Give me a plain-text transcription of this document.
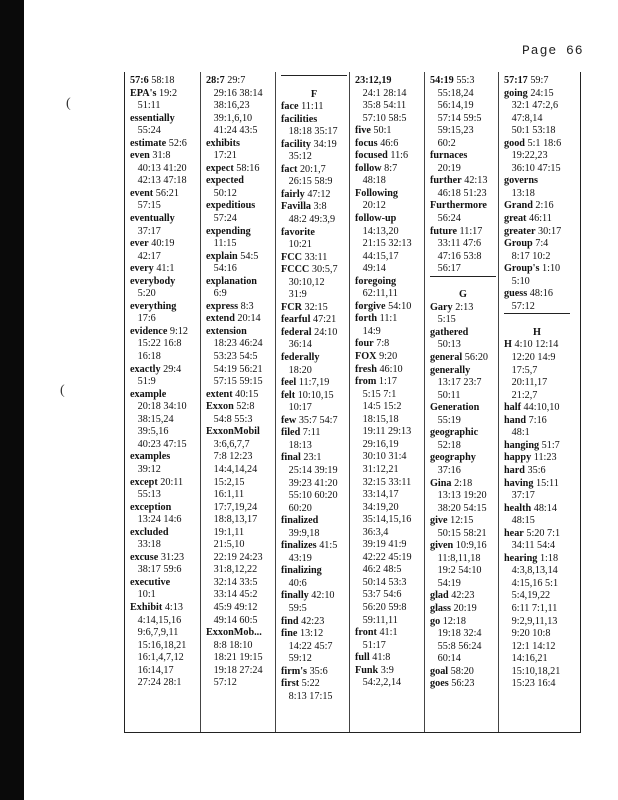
Page 66
(
(
57:6 58:18
EPA's 19:2
51:11
essentially
55:24
estimate 52:6
even 31:8
40:13 41:20
42:13 47:18
event 56:21
57:15
eventually
37:17
ever 40:19
42:17
every 41:1
everybody
5:20
everything
17:6
evidence 9:12
15:22 16:8
16:18
exactly 29:4
51:9
example
20:18 34:10
38:15,24
39:5,16
40:23 47:15
examples
39:12
except 20:11
55:13
exception
13:24 14:6
excluded
33:18
excuse 31:23
38:17 59:6
executive
10:1
Exhibit 4:13
4:14,15,16
9:6,7,9,11
15:16,18,21
16:1,4,7,12
16:14,17
27:24 28:1
28:7 29:7
29:16 38:14
38:16,23
39:1,6,10
41:24 43:5
exhibits
17:21
expect 58:16
expected
50:12
expeditious
57:24
expending
11:15
explain 54:5
54:16
explanation
6:9
express 8:3
extend 20:14
extension
18:23 46:24
53:23 54:5
54:19 56:21
57:15 59:15
extent 40:15
Exxon 52:8
54:8 55:3
ExxonMobil
3:6,6,7,7
7:8 12:23
14:4,14,24
15:2,15
16:1,11
17:7,19,24
18:8,13,17
19:1,11
21:5,10
22:19 24:23
31:8,12,22
32:14 33:5
33:14 45:2
45:9 49:12
49:14 60:5
ExxonMob...
8:8 18:10
18:21 19:15
19:18 27:24
57:12
F
face 11:11
facilities
18:18 35:17
facility 34:19
35:12
fact 20:1,7
26:15 58:9
fairly 47:12
Favilla 3:8
48:2 49:3,9
favorite
10:21
FCC 33:11
FCCC 30:5,7
30:10,12
31:9
FCR 32:15
fearful 47:21
federal 24:10
36:14
federally
18:20
feel 11:7,19
felt 10:10,15
10:17
few 35:7 54:7
filed 7:11
18:13
final 23:1
25:14 39:19
39:23 41:20
55:10 60:20
60:20
finalized
39:9,18
finalizes 41:5
43:19
finalizing
40:6
finally 42:10
59:5
find 42:23
fine 13:12
14:22 45:7
59:12
firm's 35:6
first 5:22
8:13 17:15
23:12,19
24:1 28:14
35:8 54:11
57:10 58:5
five 50:1
focus 46:6
focused 11:6
follow 8:7
48:18
Following
20:12
follow-up
14:13,20
21:15 32:13
44:15,17
49:14
foregoing
62:11,11
forgive 54:10
forth 11:1
14:9
four 7:8
FOX 9:20
fresh 46:10
from 1:17
5:15 7:1
14:5 15:2
18:15,18
19:11 29:13
29:16,19
30:10 31:4
31:12,21
32:15 33:11
33:14,17
34:19,20
35:14,15,16
36:3,4
39:19 41:9
42:22 45:19
46:2 48:5
50:14 53:3
53:7 54:6
56:20 59:8
59:11,11
front 41:1
51:17
full 41:8
Funk 3:9
54:2,2,14
54:19 55:3
55:18,24
56:14,19
57:14 59:5
59:15,23
60:2
furnaces
20:19
further 42:13
46:18 51:23
Furthermore
56:24
future 11:17
33:11 47:6
47:16 53:8
56:17
G
Gary 2:13
5:15
gathered
50:13
general 56:20
generally
13:17 23:7
50:11
Generation
55:19
geographic
52:18
geography
37:16
Gina 2:18
13:13 19:20
38:20 54:15
give 12:15
50:15 58:21
given 10:9,16
11:8,11,18
19:2 54:10
54:19
glad 42:23
glass 20:19
go 12:18
19:18 32:4
55:8 56:24
60:14
goal 58:20
goes 56:23
57:17 59:7
going 24:15
32:1 47:2,6
47:8,14
50:1 53:18
good 5:1 18:6
19:22,23
36:10 47:15
governs
13:18
Grand 2:16
great 46:11
greater 30:17
Group 7:4
8:17 10:2
Group's 1:10
5:10
guess 48:16
57:12
H
H 4:10 12:14
12:20 14:9
17:5,7
20:11,17
21:2,7
half 44:10,10
hand 7:16
48:1
hanging 51:7
happy 11:23
hard 35:6
having 15:11
37:17
health 48:14
48:15
hear 5:20 7:1
34:11 54:4
hearing 1:18
4:3,8,13,14
4:15,16 5:1
5:4,19,22
6:11 7:1,11
9:2,9,11,13
9:20 10:8
12:1 14:12
14:16,21
15:10,18,21
15:23 16:4
